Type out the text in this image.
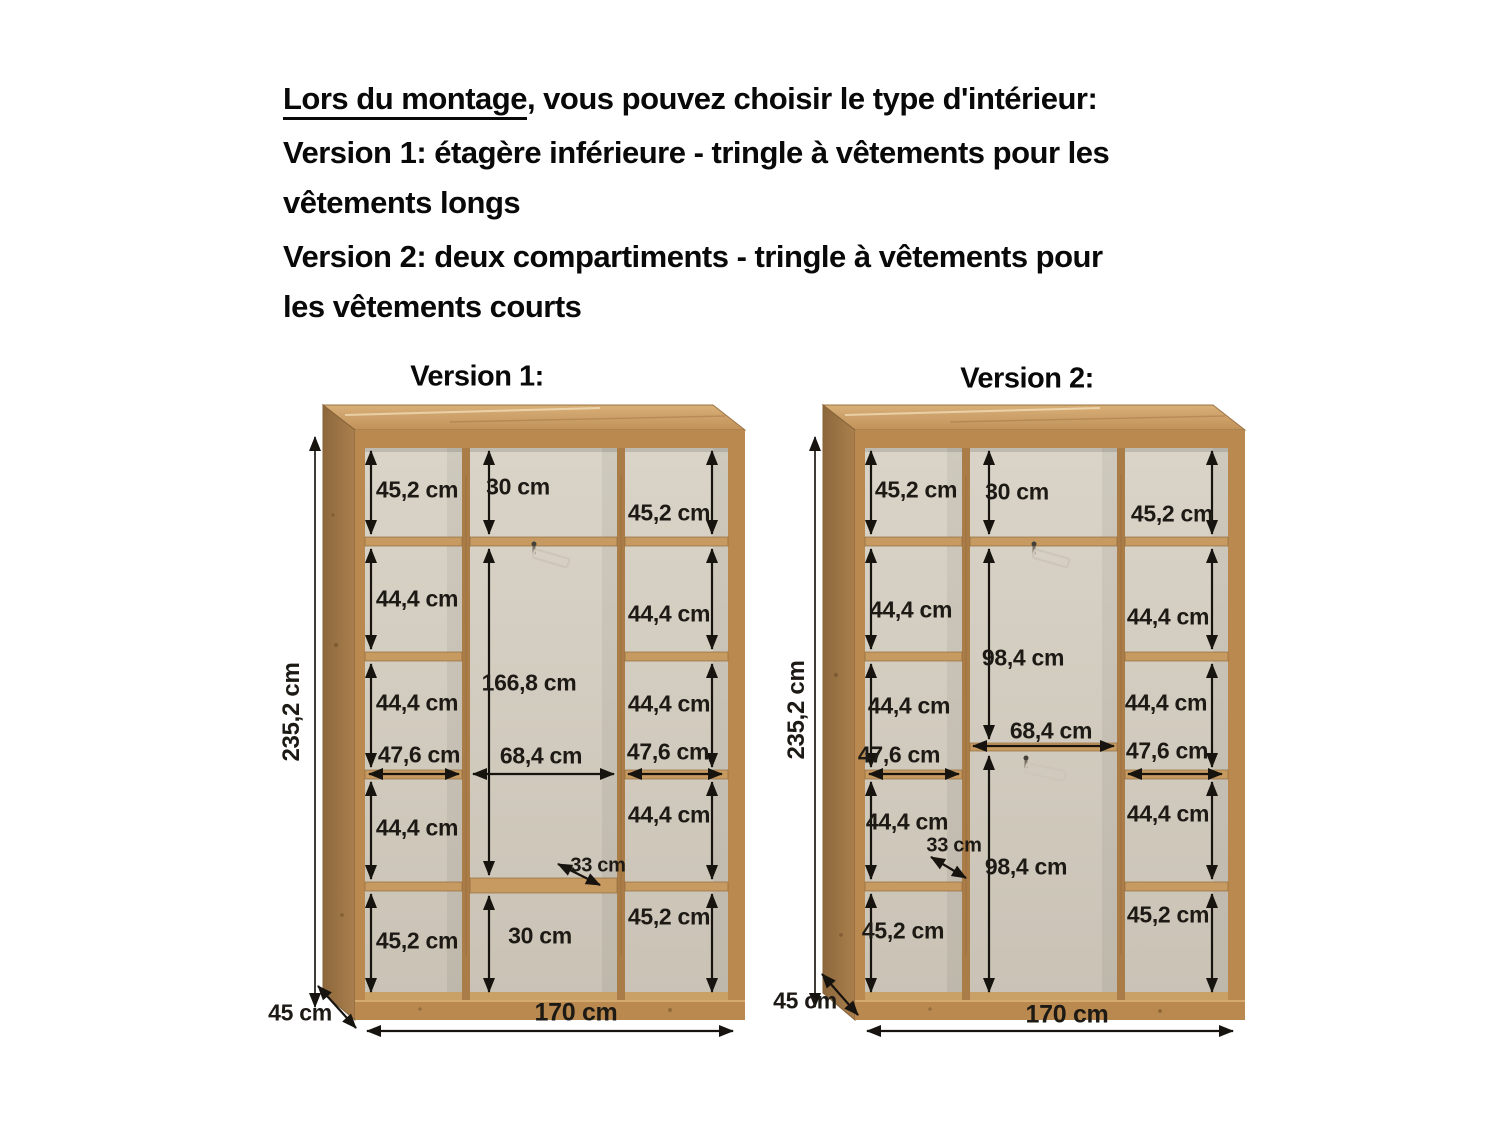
Lors du montage, vous pouvez choisir le type d'intérieur:
Version 1: étagère inférieure - tringle à vêtements pour les
vêtements longs
Version 2: deux compartiments - tringle à vêtements pour
les vêtements courts
Version 1:	Version 2:
235,2 cm
45,2 cm
44,4 cm
44,4 cm
47,6 cm
44,4 cm
45,2 cm
45,2 cm
44,4 cm
44,4 cm
47,6 cm
44,4 cm
45,2 cm
30 cm
166,8 cm
68,4 cm
33 cm
30 cm
45 cm	170 cm
235,2 cm
45,2 cm
44,4 cm
44,4 cm
47,6 cm
44,4 cm
45,2 cm
45,2 cm
44,4 cm
44,4 cm
47,6 cm
44,4 cm
45,2 cm
30 cm
98,4 cm
68,4 cm
33 cm
98,4 cm
45 cm	170 cm
